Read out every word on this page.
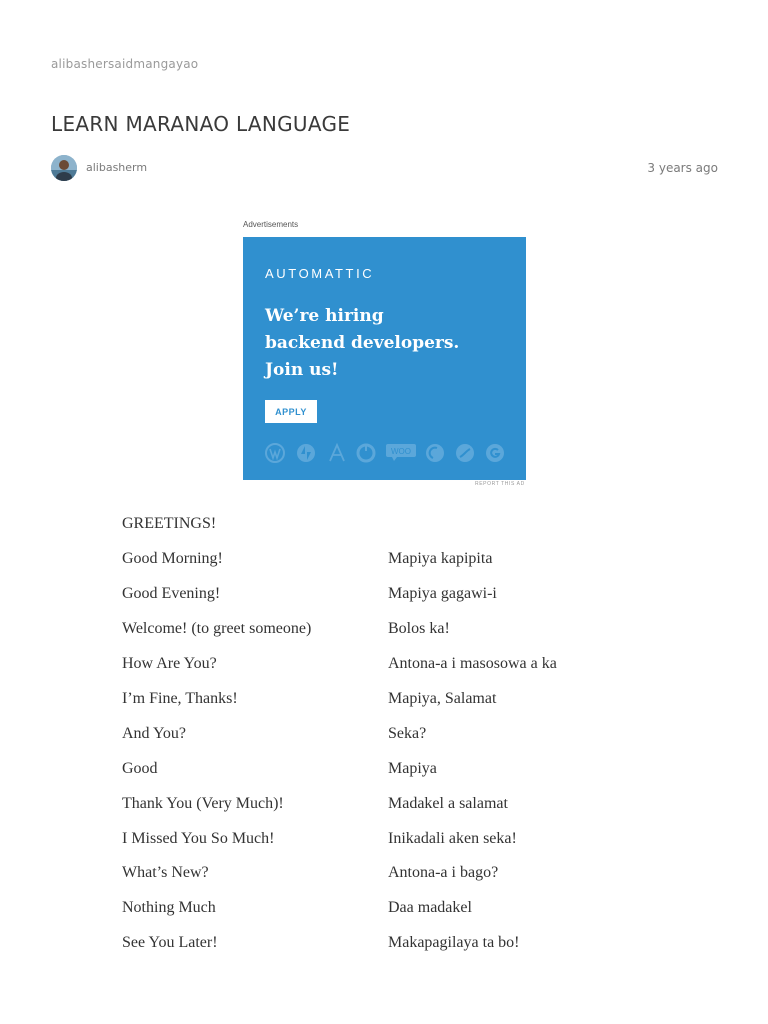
alibashersaidmangayao
LEARN MARANAO LANGUAGE
alibasherm	3 years ago
Advertisements
AUTOMATTIC
We’re hiring
backend developers.
Join us!
APPLY
WOO
REPORT THIS AD
GREETINGS!
Good Morning!	Mapiya kapipita
Good Evening!	Mapiya gagawi-i
Welcome! (to greet someone)	Bolos ka!
How Are You?	Antona-a i masosowa a ka
I’m Fine, Thanks!	Mapiya, Salamat
And You?	Seka?
Good	Mapiya
Thank You (Very Much)!	Madakel a salamat
I Missed You So Much!	Inikadali aken seka!
What’s New?	Antona-a i bago?
Nothing Much	Daa madakel
See You Later!	Makapagilaya ta bo!
